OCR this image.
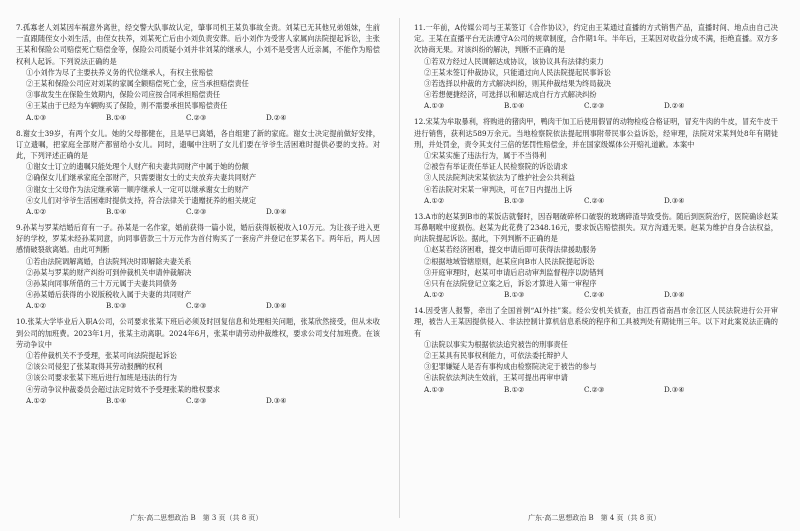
7.孤寡老人刘某因车祸意外离世，经交警大队事故认定，肇事司机王某负事故全责。刘某已无其他兄弟姐妹，生前一直跟随侄女小刘生活，由侄女扶养，刘某死亡后由小刘负责安葬。后小刘作为受害人家属向法院提起诉讼，主张王某和保险公司赔偿死亡赔偿金等，保险公司质疑小刘并非刘某的继承人，小刘不是受害人近亲属，不能作为赔偿权利人起诉。下列说法正确的是

①小刘作为尽了主要扶养义务的代位继承人，有权主张赔偿

②王某和保险公司应对刘某的家属全额赔偿死亡金，应当承担赔偿责任

③事故发生在保险生效期内，保险公司应按合同承担赔偿责任

④王某由于已经为车辆购买了保险，则不需要承担民事赔偿责任

A.①③	B.①④	C.②③	D.②④

8.谢女士39岁，有两个女儿。她的父母都健在，且是早已离婚，各自组建了新的家庭。谢女士决定提前做好安排，订立遗嘱，把家庭全部财产都留给小女儿。同时，遗嘱中注明了女儿们要在爷爷生活困难时提供必要的支持。对此，下列评述正确的是

①谢女士订立的遗嘱只能处理个人财产和夫妻共同财产中属于她的份额

②确保女儿们继承家庭全部财产，只需要谢女士的丈夫放弃夫妻共同财产

③谢女士父母作为法定继承第一顺序继承人一定可以继承谢女士的财产

④女儿们对爷爷生活困难时提供支持，符合法律关于遗赠抚养的相关规定

A.①②	B.①④	C.②③	D.③④

9.孙某与罗某结婚后育有一子。孙某是一名作家，婚前获得一篇小说，婚后获得版税收入10万元。为让孩子进入更好的学校，罗某未经孙某同意，向同事借款三十万元作为首付购买了一套房产并登记在罗某名下。两年后，两人因感情破裂欲离婚。由此可判断

①若由法院调解离婚，自法院判决时即解除夫妻关系

②孙某与罗某的财产纠纷可到仲裁机关申请仲裁解决

③孙某向同事所借的三十万元属于夫妻共同债务

④孙某婚后获得的小说版税收入属于夫妻的共同财产

A.①②	B.①③	C.②③	D.③④

10.张某大学毕业后入职A公司，公司要求张某下班后必须及时回复信息和处理相关问题，张某欣然接受，但从未收到公司的加班费。2023年1月，张某主动离职。2024年6月，张某申请劳动仲裁维权，要求公司支付加班费。在该劳动争议中

①若仲裁机关不予受理，张某可向法院提起诉讼

②该公司侵犯了张某取得其劳动报酬的权利

③该公司要求张某下班后进行加班是违法的行为

④劳动争议仲裁委员会超过法定时效不予受理张某的维权要求

A.①②	B.①④	C.②③	D.③④

11.一年前，A传媒公司与王某签订《合作协议》，约定由王某通过直播的方式销售产品，直播时间、地点由自己决定。王某在直播平台无法遵守A公司的规章制度，合作期1年。半年后，王某因对收益分成不满，拒绝直播。双方多次协商无果。对该纠纷的解决，判断不正确的是

①若双方经过人民调解达成协议，该协议具有法律约束力

②王某未签订仲裁协议，只能通过向人民法院提起民事诉讼

③若选择以仲裁的方式解决纠纷，则其仲裁结果为终局裁决

④若想便捷经济，可选择以和解达成自行方式解决纠纷

A.①③	B.①④	C.②③	D.②④

12.宋某为牟取暴利，将购进的猪肉甲，鸭肉干加工后使用假冒的动物检疫合格证明，冒充牛肉的牛皮，冒充牛皮干进行销售，获利达589万余元。当地检察院依法提起刑事附带民事公益诉讼，经审理，法院对宋某判处8年有期徒刑，并处罚金，责令其支付三倍的惩罚性赔偿金，并在国家级媒体公开赔礼道歉。本案中

①宋某实施了违法行为，属于不当得利

②被告有举证责任举证人民检察院的诉讼请求

③人民法院判决宋某依法为了维护社会公共利益

④若法院对宋某一审判决，可在7日内提出上诉

A.①②	B.①③	C.②④	D.③④

13.A市的赵某到B市的某饭店就餐时，因吞咽破碎杯口破裂的玻璃碎渣导致受伤。随后到医院治疗，医院确诊赵某耳鼻咽喉中度损伤。赵某为此花费了2348.16元，要求饭店赔偿损失。双方沟通无果。赵某为维护自身合法权益，向法院提起诉讼。据此，下列判断不正确的是

①赵某若经济困难，提交申请后即可获得法律援助服务

②根据地域管辖原则，赵某应向B市人民法院提起诉讼

③开庭审理时，赵某可申请后启动审判监督程序以防错判

④只有在法院登记立案之后，诉讼才算进入第一审程序

A.①②	B.①③	C.②④	D.③④

14.因受害人报警，牵出了全国首例“AI外挂”案。经公安机关侦查，由江西省南昌市余江区人民法院进行公开审理，被告人王某因提供侵入、非法控制计算机信息系统的程序和工具被判处有期徒刑三年。以下对此案说法正确的有

①法院以事实为根据依法追究被告的刑事责任

②王某具有民事权利能力，可依法委托辩护人

③犯罪嫌疑人是否有事构成由检察院决定于被告的参与

④法院依法判决生效前，王某可提出再审申请

A.①③	B.①②	C.②③	D.③④
广东·高二思想政治 B　第 3 页（共 8 页）	广东·高二思想政治 B　第 4 页（共 8 页）
